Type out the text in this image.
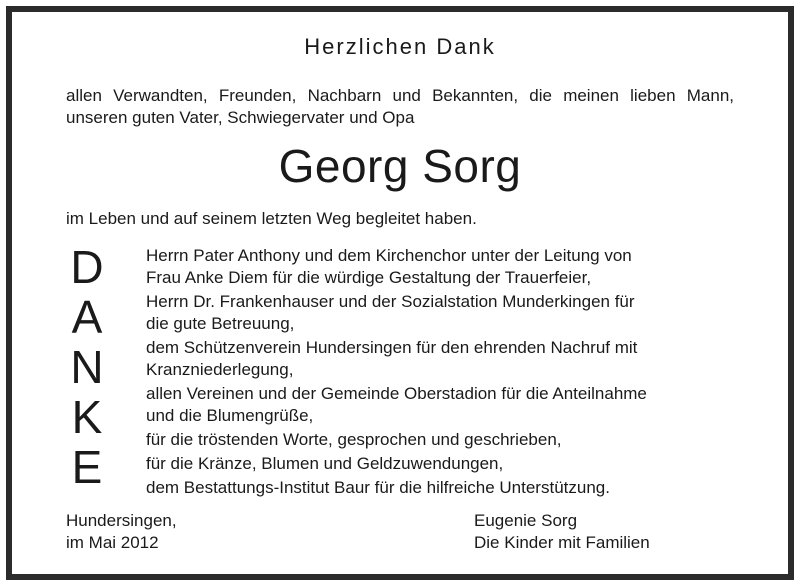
Herzlichen Dank
allen Verwandten, Freunden, Nachbarn und Bekannten, die meinen lieben Mann,
unseren guten Vater, Schwiegervater und Opa
Georg Sorg
im Leben und auf seinem letzten Weg begleitet haben.
D
A
N
K
E
Herrn Pater Anthony und dem Kirchenchor unter der Leitung von
Frau Anke Diem für die würdige Gestaltung der Trauerfeier,
Herrn Dr. Frankenhauser und der Sozialstation Munderkingen für
die gute Betreuung,
dem Schützenverein Hundersingen für den ehrenden Nachruf mit
Kranzniederlegung,
allen Vereinen und der Gemeinde Oberstadion für die Anteilnahme
und die Blumengrüße,
für die tröstenden Worte, gesprochen und geschrieben,
für die Kränze, Blumen und Geldzuwendungen,
dem Bestattungs-Institut Baur für die hilfreiche Unterstützung.
Hundersingen,
im Mai 2012
Eugenie Sorg
Die Kinder mit Familien
